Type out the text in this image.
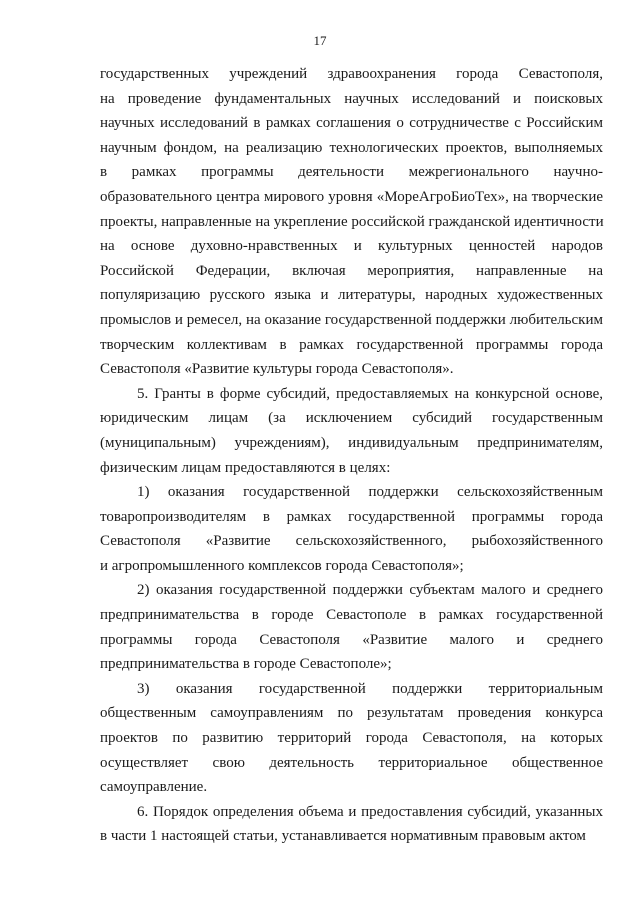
17

государственных учреждений здравоохранения города Севастополя,
на проведение фундаментальных научных исследований и поисковых
научных исследований в рамках соглашения о сотрудничестве с Российским
научным фондом, на реализацию технологических проектов, выполняемых
в рамках программы деятельности межрегионального научно-
образовательного центра мирового уровня «МореАгроБиоТех», на творческие
проекты, направленные на укрепление российской гражданской идентичности
на основе духовно-нравственных и культурных ценностей народов
Российской Федерации, включая мероприятия, направленные на
популяризацию русского языка и литературы, народных художественных
промыслов и ремесел, на оказание государственной поддержки любительским
творческим коллективам в рамках государственной программы города
Севастополя «Развитие культуры города Севастополя».

5. Гранты в форме субсидий, предоставляемых на конкурсной основе,
юридическим лицам (за исключением субсидий государственным
(муниципальным) учреждениям), индивидуальным предпринимателям,
физическим лицам предоставляются в целях:

1) оказания государственной поддержки сельскохозяйственным
товаропроизводителям в рамках государственной программы города
Севастополя «Развитие сельскохозяйственного, рыбохозяйственного
и агропромышленного комплексов города Севастополя»;

2) оказания государственной поддержки субъектам малого и среднего
предпринимательства в городе Севастополе в рамках государственной
программы города Севастополя «Развитие малого и среднего
предпринимательства в городе Севастополе»;

3) оказания государственной поддержки территориальным
общественным самоуправлениям по результатам проведения конкурса
проектов по развитию территорий города Севастополя, на которых
осуществляет свою деятельность территориальное общественное
самоуправление.

6. Порядок определения объема и предоставления субсидий, указанных
в части 1 настоящей статьи, устанавливается нормативным правовым актом
